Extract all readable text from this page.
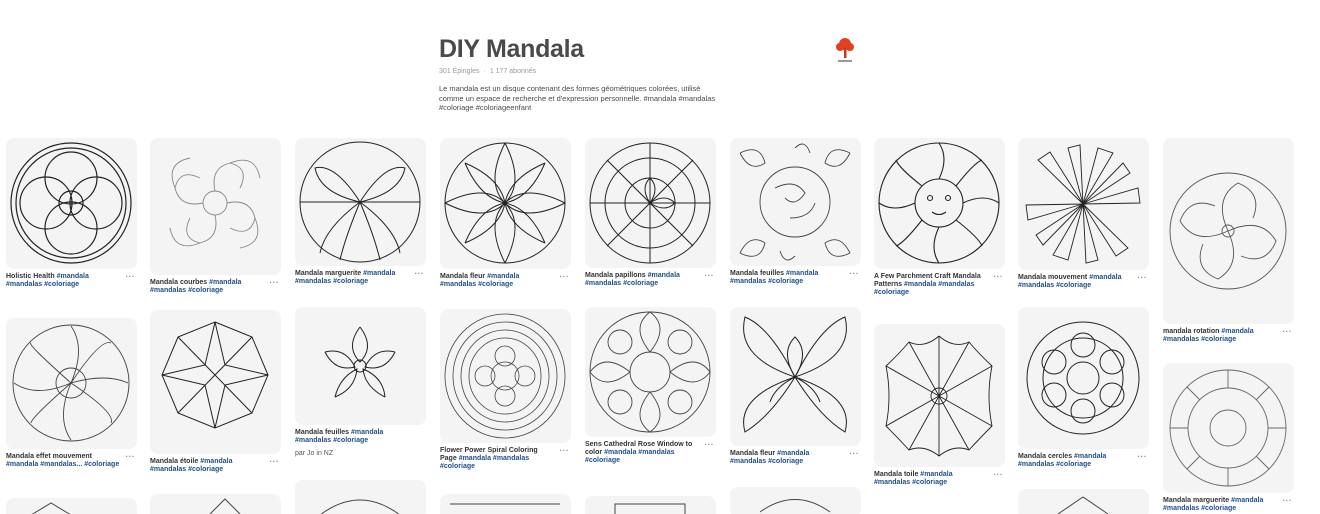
DIY Mandala
301 Épingles · 1 177 abonnés
Le mandala est un disque contenant des formes géométriques colorées, utilisé comme un espace de recherche et d'expression personnelle. #mandala #mandalas #coloriage #coloriageenfant
Holistic Health #mandala #mandalas #coloriage
···
Mandala effet mouvement #mandala #mandalas... #coloriage
···
Mandala courbes #mandala #mandalas #coloriage
···
Mandala étoile #mandala #mandalas #coloriage
···
Mandala marguerite #mandala #mandalas #coloriage
···
Mandala feuilles #mandala #mandalas #coloriage
par Jo in NZ
Mandala fleur #mandala #mandalas #coloriage
···
Flower Power Spiral Coloring Page #mandala #mandalas #coloriage
···
Mandala papillons #mandala #mandalas #coloriage
···
Sens Cathedral Rose Window to color #mandala #mandalas #coloriage
···
Mandala feuilles #mandala #mandalas #coloriage
···
Mandala fleur #mandala #mandalas #coloriage
···
A Few Parchment Craft Mandala Patterns #mandala #mandalas #coloriage
···
Mandala toile #mandala #mandalas #coloriage
···
Mandala mouvement #mandala #mandalas #coloriage
···
Mandala cercles #mandala #mandalas #coloriage
···
mandala rotation #mandala #mandalas #coloriage
···
Mandala marguerite #mandala #mandalas #coloriage
···
